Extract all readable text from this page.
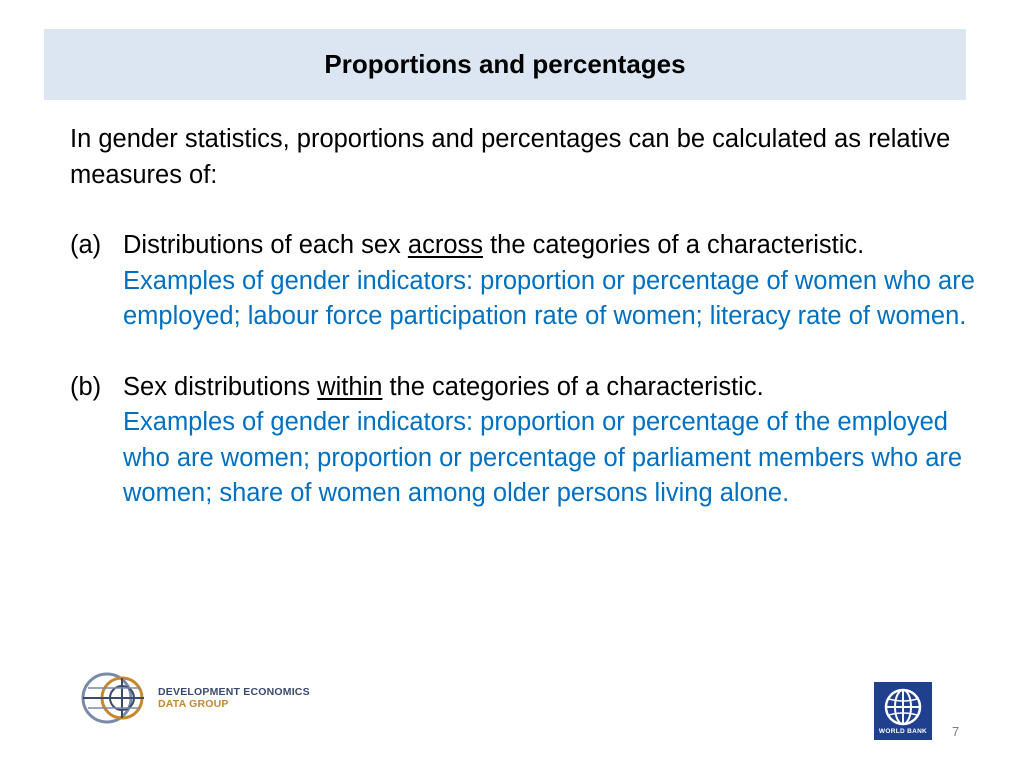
Proportions and percentages

In gender statistics, proportions and percentages can be calculated as relative measures of:

(a) Distributions of each sex across the categories of a characteristic.

Examples of gender indicators: proportion or percentage of women who are employed; labour force participation rate of women; literacy rate of women.

(b) Sex distributions within the categories of a characteristic.

Examples of gender indicators: proportion or percentage of the employed who are women; proportion or percentage of parliament members who are women; share of women among older persons living alone.

DEVELOPMENT ECONOMICS
DATA GROUP
WORLD BANK	7
